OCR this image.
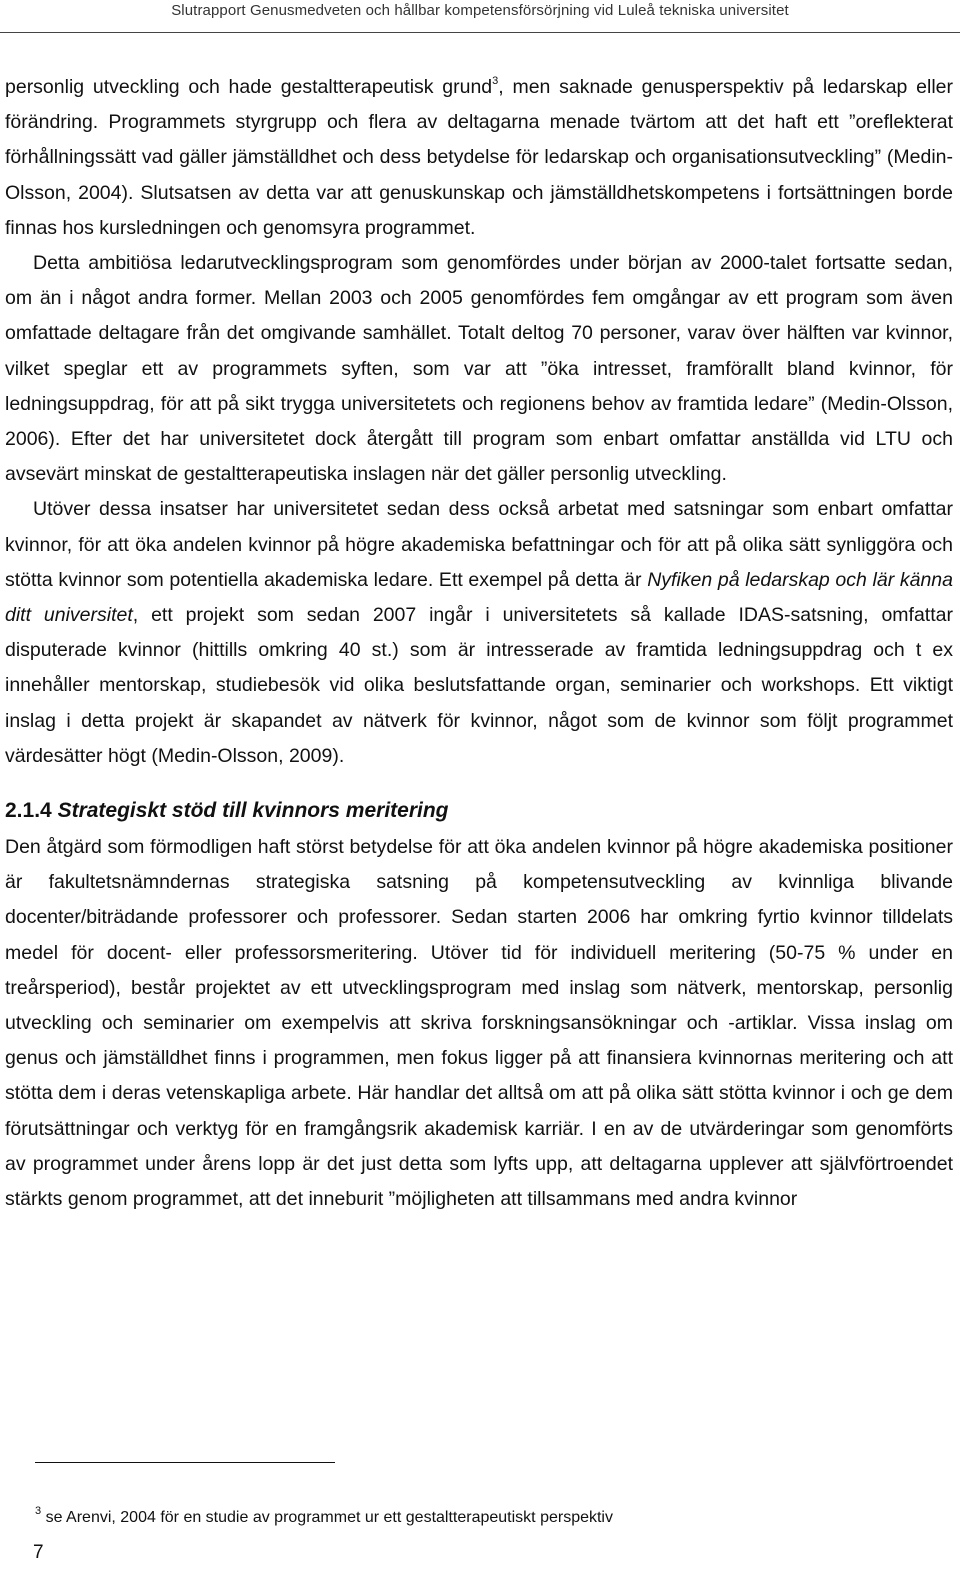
Slutrapport Genusmedveten och hållbar kompetensförsörjning vid Luleå tekniska universitet

personlig utveckling och hade gestaltterapeutisk grund$^3$, men saknade genusperspektiv på ledarskap eller förändring. Programmets styrgrupp och flera av deltagarna menade tvärtom att det haft ett ”oreflekterat förhållningssätt vad gäller jämställdhet och dess betydelse för ledarskap och organisationsutveckling” (Medin-Olsson, 2004). Slutsatsen av detta var att genuskunskap och jämställdhetskompetens i fortsättningen borde finnas hos kursledningen och genomsyra programmet.

Detta ambitiösa ledarutvecklingsprogram som genomfördes under början av 2000-talet fortsatte sedan, om än i något andra former. Mellan 2003 och 2005 genomfördes fem omgångar av ett program som även omfattade deltagare från det omgivande samhället. Totalt deltog 70 personer, varav över hälften var kvinnor, vilket speglar ett av programmets syften, som var att ”öka intresset, framförallt bland kvinnor, för ledningsuppdrag, för att på sikt trygga universitetets och regionens behov av framtida ledare” (Medin-Olsson, 2006). Efter det har universitetet dock återgått till program som enbart omfattar anställda vid LTU och avsevärt minskat de gestaltterapeutiska inslagen när det gäller personlig utveckling.

Utöver dessa insatser har universitetet sedan dess också arbetat med satsningar som enbart omfattar kvinnor, för att öka andelen kvinnor på högre akademiska befattningar och för att på olika sätt synliggöra och stötta kvinnor som potentiella akademiska ledare. Ett exempel på detta är Nyfiken på ledarskap och lär känna ditt universitet, ett projekt som sedan 2007 ingår i universitetets så kallade IDAS-satsning, omfattar disputerade kvinnor (hittills omkring 40 st.) som är intresserade av framtida ledningsuppdrag och t ex innehåller mentorskap, studiebesök vid olika beslutsfattande organ, seminarier och workshops. Ett viktigt inslag i detta projekt är skapandet av nätverk för kvinnor, något som de kvinnor som följt programmet värdesätter högt (Medin-Olsson, 2009).

2.1.4 Strategiskt stöd till kvinnors meritering

Den åtgärd som förmodligen haft störst betydelse för att öka andelen kvinnor på högre akademiska positioner är fakultetsnämndernas strategiska satsning på kompetensutveckling av kvinnliga blivande docenter/biträdande professorer och professorer. Sedan starten 2006 har omkring fyrtio kvinnor tilldelats medel för docent- eller professorsmeritering. Utöver tid för individuell meritering (50-75 % under en treårsperiod), består projektet av ett utvecklingsprogram med inslag som nätverk, mentorskap, personlig utveckling och seminarier om exempelvis att skriva forskningsansökningar och -artiklar. Vissa inslag om genus och jämställdhet finns i programmen, men fokus ligger på att finansiera kvinnornas meritering och att stötta dem i deras vetenskapliga arbete. Här handlar det alltså om att på olika sätt stötta kvinnor i och ge dem förutsättningar och verktyg för en framgångsrik akademisk karriär. I en av de utvärderingar som genomförts av programmet under årens lopp är det just detta som lyfts upp, att deltagarna upplever att självförtroendet stärkts genom programmet, att det inneburit ”möjligheten att tillsammans med andra kvinnor

$^3$ se Arenvi, 2004 för en studie av programmet ur ett gestaltterapeutiskt perspektiv
7
